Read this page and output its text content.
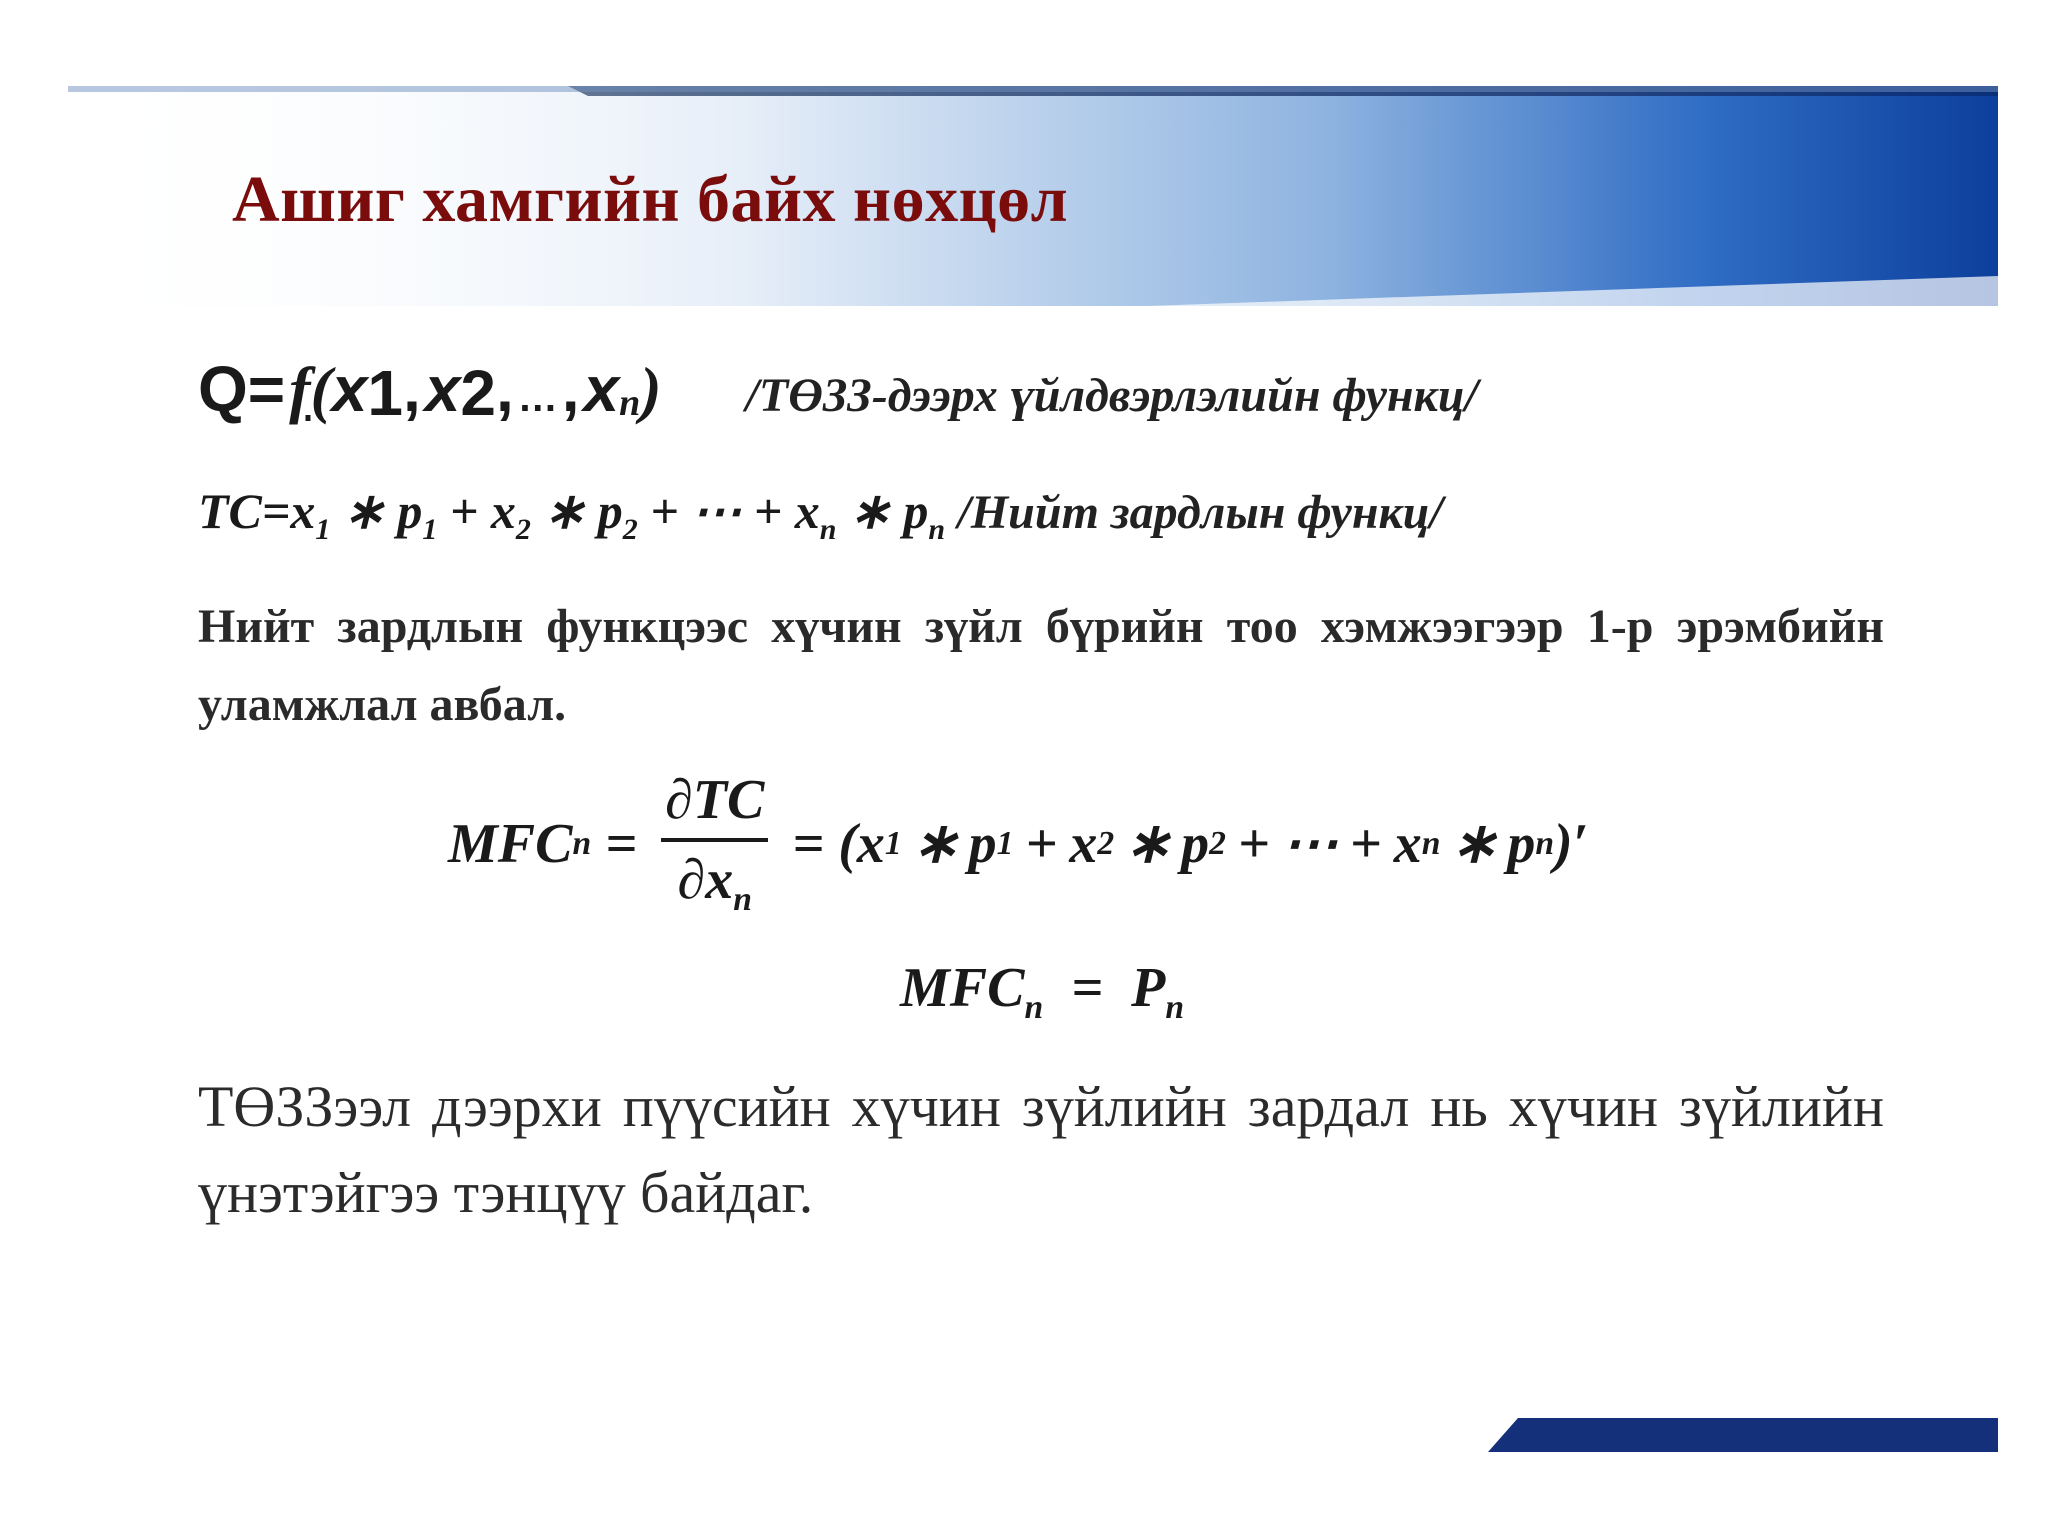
Ашиг хамгийн байх нөхцөл
$Q= f(x_1$, $x_2$, … , $x_n$) /ТӨЗЗ-дээрх үйлдвэрлэлийн функц/
$TC=x_1$ ∗ $p_1 + x_2$ ∗ $p_2$ + ⋯ + $x_n$ ∗ $p_n$ /Нийт зардлын функц/

Нийт зардлын функцээс хүчин зүйл бүрийн тоо хэмжээгээр 1-р эрэмбийн уламжлал авбал.

MFC $n = \frac{\partial TC}{\partial x_n}$ = ( x 1 ∗ p 1 + x 2 ∗ p 2 + ⋯ + x n ∗ p n ) ′
$MFC_n = P_n$

ТӨЗЗээл дээрхи пүүсийн хүчин зүйлийн зардал нь хүчин зүйлийн үнэтэйгээ тэнцүү байдаг.
